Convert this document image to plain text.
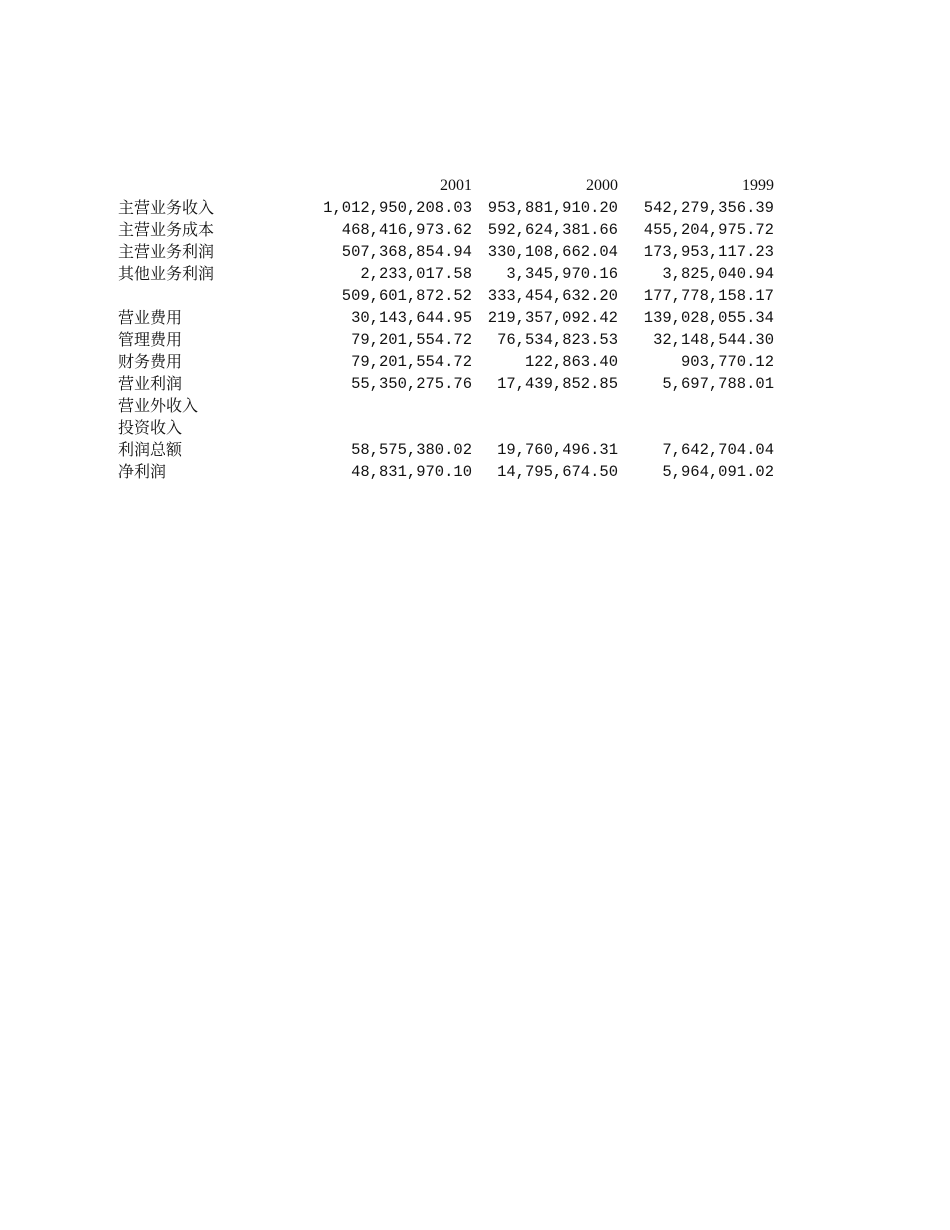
	2001	2000	1999
主营业务收入	1,012,950,208.03	953,881,910.20	542,279,356.39
主营业务成本	468,416,973.62	592,624,381.66	455,204,975.72
主营业务利润	507,368,854.94	330,108,662.04	173,953,117.23
其他业务利润	2,233,017.58	3,345,970.16	3,825,040.94
	509,601,872.52	333,454,632.20	177,778,158.17
营业费用	30,143,644.95	219,357,092.42	139,028,055.34
管理费用	79,201,554.72	76,534,823.53	32,148,544.30
财务费用	79,201,554.72	122,863.40	903,770.12
营业利润	55,350,275.76	17,439,852.85	5,697,788.01
营业外收入			
投资收入			
利润总额	58,575,380.02	19,760,496.31	7,642,704.04
净利润	48,831,970.10	14,795,674.50	5,964,091.02
